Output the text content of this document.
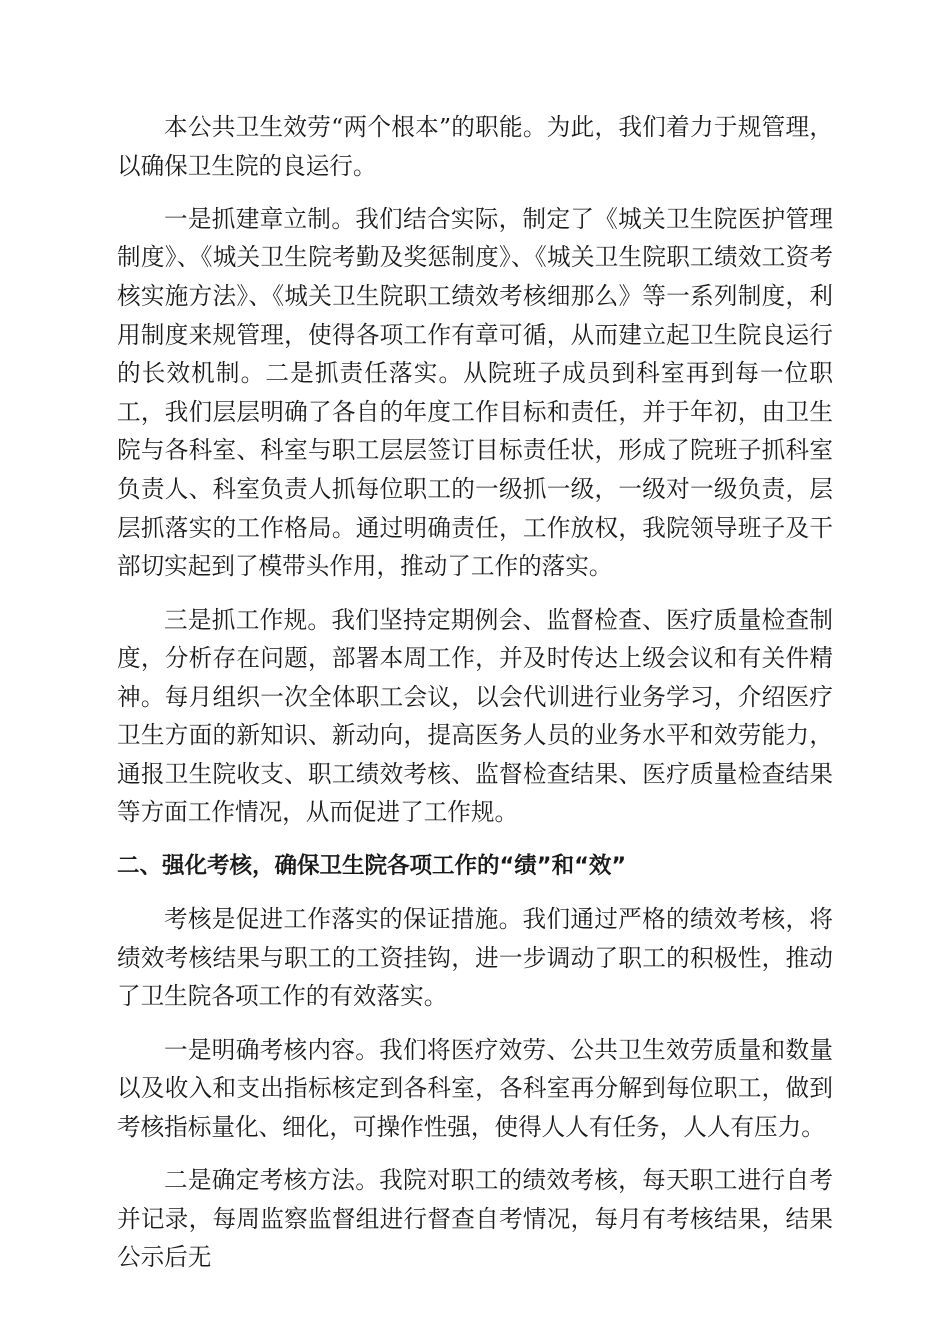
本公共卫生效劳“两个根本”的职能。为此，我们着力于规管理，以确保卫生院的良运行。

一是抓建章立制。我们结合实际，制定了《城关卫生院医护管理制度》、《城关卫生院考勤及奖惩制度》、《城关卫生院职工绩效工资考核实施方法》、《城关卫生院职工绩效考核细那么》等一系列制度，利用制度来规管理，使得各项工作有章可循，从而建立起卫生院良运行的长效机制。二是抓责任落实。从院班子成员到科室再到每一位职工，我们层层明确了各自的年度工作目标和责任，并于年初，由卫生院与各科室、科室与职工层层签订目标责任状，形成了院班子抓科室负责人、科室负责人抓每位职工的一级抓一级，一级对一级负责，层层抓落实的工作格局。通过明确责任，工作放权，我院领导班子及干部切实起到了模带头作用，推动了工作的落实。

三是抓工作规。我们坚持定期例会、监督检查、医疗质量检查制度，分析存在问题，部署本周工作，并及时传达上级会议和有关件精神。每月组织一次全体职工会议，以会代训进行业务学习，介绍医疗卫生方面的新知识、新动向，提高医务人员的业务水平和效劳能力，通报卫生院收支、职工绩效考核、监督检查结果、医疗质量检查结果等方面工作情况，从而促进了工作规。

二、强化考核，确保卫生院各项工作的“绩”和“效”

考核是促进工作落实的保证措施。我们通过严格的绩效考核，将绩效考核结果与职工的工资挂钩，进一步调动了职工的积极性，推动了卫生院各项工作的有效落实。

一是明确考核内容。我们将医疗效劳、公共卫生效劳质量和数量以及收入和支出指标核定到各科室，各科室再分解到每位职工，做到考核指标量化、细化，可操作性强，使得人人有任务，人人有压力。

二是确定考核方法。我院对职工的绩效考核，每天职工进行自考并记录，每周监察监督组进行督查自考情况，每月有考核结果，结果公示后无
